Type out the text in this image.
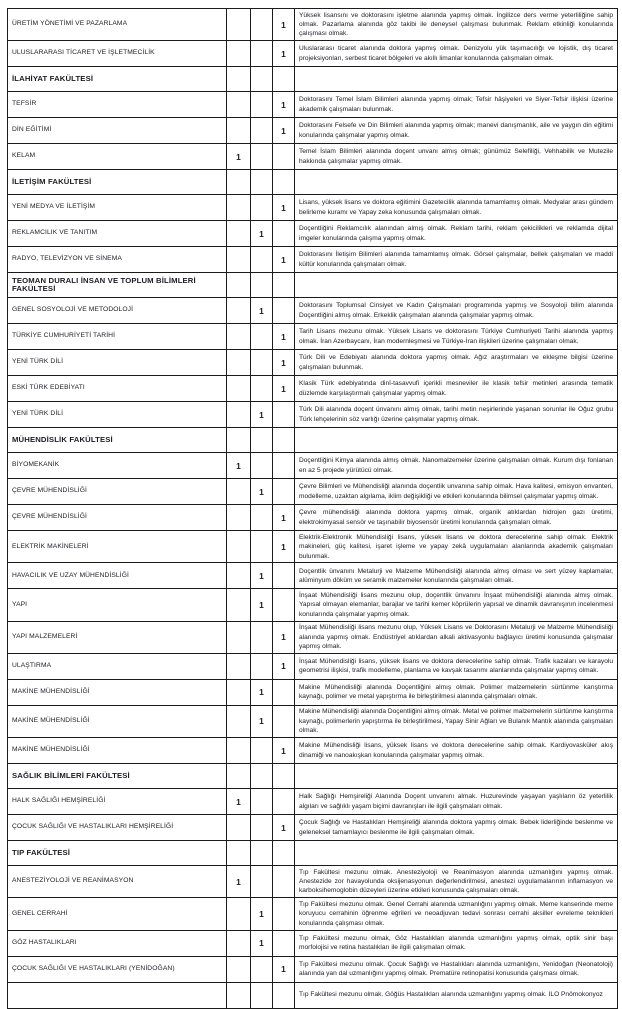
ÜRETİM YÖNETİMİ VE PAZARLAMA			1	Yüksek lisansını ve doktorasını işletme alanında yapmış olmak. İngilizce ders verme yeterliliğine sahip olmak. Pazarlama alanında göz takibi ile deneysel çalışması bulunmak. Reklam etkinliği konularında çalışması olmak.
ULUSLARARASI TİCARET VE İŞLETMECİLİK			1	Uluslararası ticaret alanında doktora yapmış olmak. Denizyolu yük taşımacılığı ve lojistik, dış ticaret projeksiyonları, serbest ticaret bölgeleri ve akıllı limanlar konularında çalışmaları olmak.
İLAHİYAT FAKÜLTESİ				
TEFSİR			1	Doktorasını Temel İslam Bilimleri alanında yapmış olmak; Tefsir hâşiyeleri ve Siyer-Tefsir ilişkisi üzerine akademik çalışmaları bulunmak.
DİN EĞİTİMİ			1	Doktorasını Felsefe ve Din Bilimleri alanında yapmış olmak; manevi danışmanlık, aile ve yaygın din eğitimi konularında çalışmalar yapmış olmak.
KELAM	1			Temel İslam Bilimleri alanında doçent unvanı almış olmak; günümüz Selefiliği, Vehhabilik ve Mutezile hakkında çalışmalar yapmış olmak.
İLETİŞİM FAKÜLTESİ				
YENİ MEDYA VE İLETİŞİM			1	Lisans, yüksek lisans ve doktora eğitimini Gazetecilik alanında tamamlamış olmak. Medyalar arası gündem belirleme kuramı ve Yapay zeka konusunda çalışmaları olmak.
REKLAMCILIK VE TANITIM		1		Doçentliğini Reklamcılık alanından almış olmak. Reklam tarihi, reklam çekicilikleri ve reklamda dijital imgeler konularında çalışma yapmış olmak.
RADYO, TELEVİZYON VE SİNEMA			1	Doktorasını İletişim Bilimleri alanında tamamlamış olmak. Görsel çalışmalar, bellek çalışmaları ve maddi kültür konularında çalışmaları olmak.
TEOMAN DURALI İNSAN VE TOPLUM BİLİMLERİ FAKÜLTESİ				
GENEL SOSYOLOJİ VE METODOLOJİ		1		Doktorasını Toplumsal Cinsiyet ve Kadın Çalışmaları programında yapmış ve Sosyoloji bilim alanında Doçentliğini almış olmak. Erkeklik çalışmaları alanında çalışmalar yapmış olmak.
TÜRKİYE CUMHURİYETİ TARİHİ			1	Tarih Lisans mezunu olmak. Yüksek Lisans ve doktorasını Türkiye Cumhuriyeti Tarihi alanında yapmış olmak. İran Azerbaycanı, İran modernleşmesi ve Türkiye-İran ilişkileri üzerine çalışmaları olmak.
YENİ TÜRK DİLİ			1	Türk Dili ve Edebiyatı alanında doktora yapmış olmak. Ağız araştırmaları ve ekleşme bilgisi üzerine çalışmaları bulunmak.
ESKİ TÜRK EDEBİYATI			1	Klasik Türk edebiyatında dinî-tasavvufi içerikli mesneviler ile klasik tefsir metinleri arasında tematik düzlemde karşılaştırmalı çalışmalar yapmış olmak.
YENİ TÜRK DİLİ		1		Türk Dili alanında doçent ünvanını almış olmak, tarihi metin neşirlerinde yaşanan sorunlar ile Oğuz grubu Türk lehçelerinin söz varlığı üzerine çalışmalar yapmış olmak.
MÜHENDİSLİK FAKÜLTESİ				
BİYOMEKANİK	1			Doçentliğini Kimya alanında almış olmak. Nanomalzemeler üzerine çalışmaları olmak. Kurum dışı fonlanan en az 5 projede yürütücü olmak.
ÇEVRE MÜHENDİSLİĞİ		1		Çevre Bilimleri ve Mühendisliği alanında doçentlik unvanına sahip olmak. Hava kalitesi, emisyon envanteri, modelleme, uzaktan algılama, iklim değişikliği ve etkileri konularında bilimsel çalışmalar yapmış olmak.
ÇEVRE MÜHENDİSLİĞİ			1	Çevre mühendisliği alanında doktora yapmış olmak, organik atıklardan hidrojen gazı üretimi, elektrokimyasal sensör ve taşınabilir biyosensör üretimi konularında çalışmaları olmak.
ELEKTRİK MAKİNELERİ			1	Elektrik-Elektronik Mühendisliği lisans, yüksek lisans ve doktora derecelerine sahip olmak. Elektrik makineleri, güç kalitesi, işaret işleme ve yapay zekâ uygulamaları alanlarında akademik çalışmaları bulunmak.
HAVACILIK VE UZAY MÜHENDİSLİĞİ		1		Doçentlik ünvanını Metalurji ve Malzeme Mühendisliği alanında almış olması ve sert yüzey kaplamalar, alüminyum döküm ve seramik malzemeler konularında çalışmaları olmak.
YAPI		1		İnşaat Mühendisliği lisans mezunu olup, doçentlik ünvanını İnşaat mühendisliği alanında almış olmak. Yapısal olmayan elemanlar, barajlar ve tarihi kemer köprülerin yapısal ve dinamik davranışının incelenmesi konularında çalışmalar yapmış olmak.
YAPI MALZEMELERİ			1	İnşaat Mühendisliği lisans mezunu olup, Yüksek Lisans ve Doktorasını Metalurji ve Malzeme Mühendisliği alanında yapmış olmak. Endüstriyel atıklardan alkali aktivasyonlu bağlayıcı üretimi konusunda çalışmalar yapmış olmak.
ULAŞTIRMA			1	İnşaat Mühendisliği lisans, yüksek lisans ve doktora derecelerine sahip olmak. Trafik kazaları ve karayolu geometrisi ilişkisi, trafik modelleme, planlama ve kavşak tasarımı alanlarında çalışmalar yapmış olmak.
MAKİNE MÜHENDİSLİĞİ		1		Makine Mühendisliği alanında Doçentliğini almış olmak. Polimer malzemelerin sürtünme karıştırma kaynağı, polimer ve metal yapıştırma ile birleştirilmesi alanında çalışmaları olmak.
MAKİNE MÜHENDİSLİĞİ		1		Makine Mühendisliği alanında Doçentliğini almış olmak. Metal ve polimer malzemelerin sürtünme karıştırma kaynağı, polimerlerin yapıştırma ile birleştirilmesi, Yapay Sinir Ağları ve Bulanık Mantık alanında çalışmaları olmak.
MAKİNE MÜHENDİSLİĞİ			1	Makine Mühendisliği lisans, yüksek lisans ve doktora derecelerine sahip olmak. Kardiyovasküler akış dinamiği ve nanoakışkan konularında çalışmalar yapmış olmak.
SAĞLIK BİLİMLERİ FAKÜLTESİ				
HALK SAĞLIĞI HEMŞİRELİĞİ	1			Halk Sağlığı Hemşireliği Alanında Doçent unvanını almak. Huzurevinde yaşayan yaşlıların öz yeterlilik algıları ve sağlıklı yaşam biçimi davranışları ile ilgili çalışmaları olmak.
ÇOCUK SAĞLIĞI VE HASTALIKLARI HEMŞİRELİĞİ			1	Çocuk Sağlığı ve Hastalıkları Hemşireliği alanında doktora yapmış olmak. Bebek liderliğinde beslenme ve geleneksel tamamlayıcı beslenme ile ilgili çalışmaları olmak.
TIP FAKÜLTESİ				
ANESTEZİYOLOJİ VE REANİMASYON	1			Tıp Fakültesi mezunu olmak. Anesteziyoloji ve Reanimasyon alanında uzmanlığını yapmış olmak. Anestezide zor havayolunda oksijenasyonun değerlendirilmesi, anestezi uygulamalarının inflamasyon ve karboksihemoglobin düzeyleri üzerine etkileri konusunda çalışmaları olmak.
GENEL CERRAHİ		1		Tıp Fakültesi mezunu olmak. Genel Cerrahi alanında uzmanlığını yapmış olmak. Meme kanserinde meme koruyucu cerrahinin öğrenme eğrileri ve neoadjuvan tedavi sonrası cerrahi aksiller evreleme teknikleri konularında çalışması olmak.
GÖZ HASTALIKLARI		1		Tıp Fakültesi mezunu olmak, Göz Hastalıkları alanında uzmanlığını yapmış olmak, optik sinir başı morfolojisi ve retina hastalıkları ile ilgili çalışmaları olmak.
ÇOCUK SAĞLIĞI VE HASTALIKLARI (YENİDOĞAN)			1	Tıp Fakültesi mezunu olmak. Çocuk Sağlığı ve Hastalıkları alanında uzmanlığını, Yenidoğan (Neonatoloji) alanında yan dal uzmanlığını yapmış olmak. Prematüre retinopatisi konusunda çalışması olmak.
				Tıp Fakültesi mezunu olmak. Göğüs Hastalıkları alanında uzmanlığını yapmış olmak. ILO Pnömokonyoz
